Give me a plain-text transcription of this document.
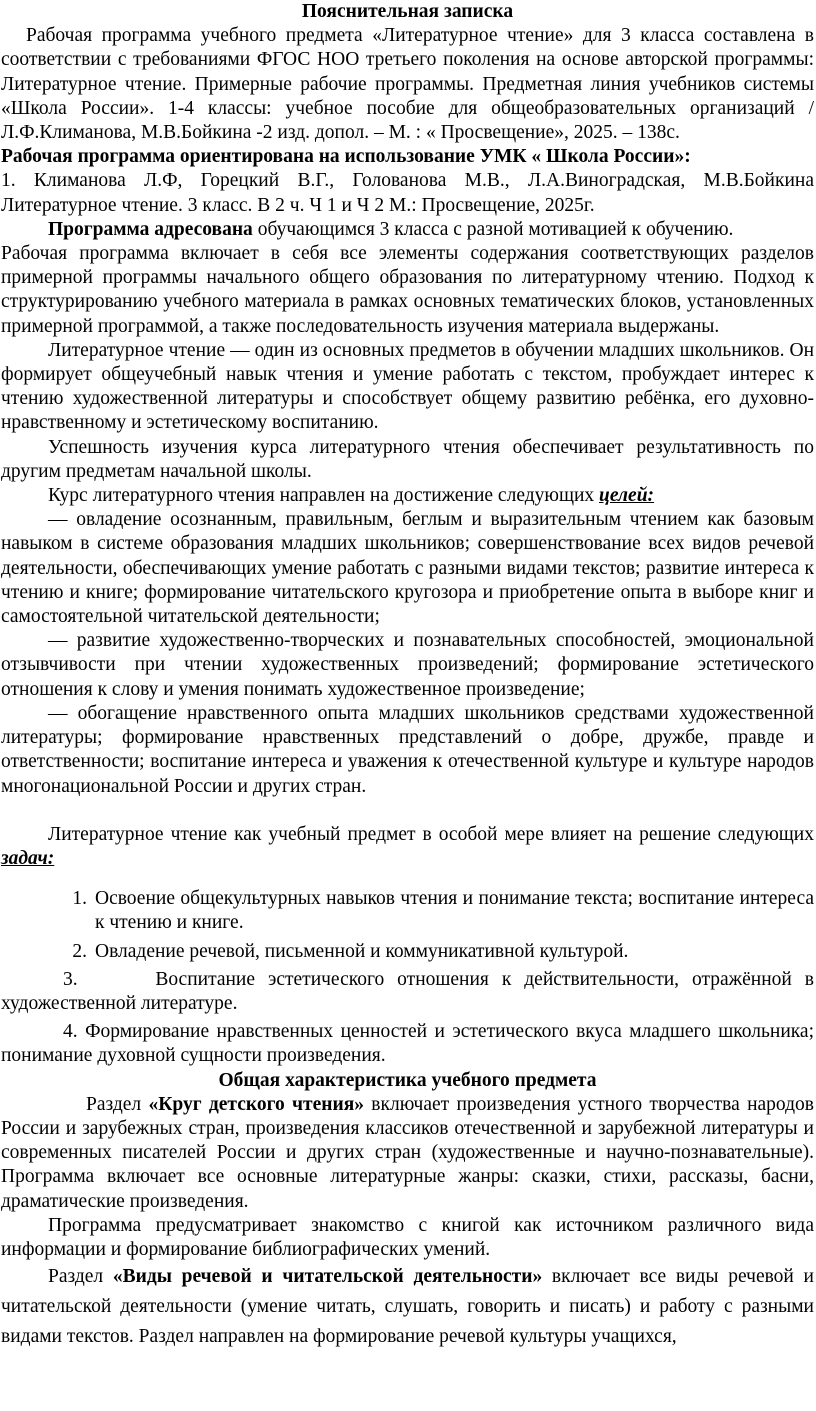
Пояснительная записка

Рабочая программа учебного предмета «Литературное чтение» для 3 класса составлена в соответствии с требованиями ФГОС НОО третьего поколения на основе авторской программы: Литературное чтение. Примерные рабочие программы. Предметная линия учебников системы «Школа России». 1-4 классы: учебное пособие для общеобразовательных организаций / Л.Ф.Климанова, М.В.Бойкина -2 изд. допол. – М. : « Просвещение», 2025. – 138с.

Рабочая программа ориентирована на использование УМК « Школа России»:

1. Климанова Л.Ф, Горецкий В.Г., Голованова М.В., Л.А.Виноградская, М.В.Бойкина Литературное чтение. 3 класс. В 2 ч. Ч 1 и Ч 2 М.: Просвещение, 2025г.

Программа адресована обучающимся 3 класса с разной мотивацией к обучению.

Рабочая программа включает в себя все элементы содержания соответствующих разделов примерной программы начального общего образования по литературному чтению. Подход к структурированию учебного материала в рамках основных тематических блоков, установленных примерной программой, а также последовательность изучения материала выдержаны.

Литературное чтение — один из основных предметов в обучении младших школьников. Он формирует общеучебный навык чтения и умение работать с текстом, пробуждает интерес к чтению художественной литературы и способствует общему развитию ребёнка, его духовно-нравственному и эстетическому воспитанию.

Успешность изучения курса литературного чтения обеспечивает результативность по другим предметам начальной школы.

Курс литературного чтения направлен на достижение следующих целей:

— овладение осознанным, правильным, беглым и выразительным чтением как базовым навыком в системе образования младших школьников; совершенствование всех видов речевой деятельности, обеспечивающих умение работать с разными видами текстов; развитие интереса к чтению и книге; формирование читательского кругозора и приобретение опыта в выборе книг и самостоятельной читательской деятельности;

— развитие художественно-творческих и познавательных способностей, эмоциональной отзывчивости при чтении художественных произведений; формирование эстетического отношения к слову и умения понимать художественное произведение;

— обогащение нравственного опыта младших школьников средствами художественной литературы; формирование нравственных представлений о добре, дружбе, правде и ответственности; воспитание интереса и уважения к отечественной культуре и культуре народов многонациональной России и других стран.

Литературное чтение как учебный предмет в особой мере влияет на решение следующих задач:

1. Освоение общекультурных навыков чтения и понимание текста; воспитание интереса к чтению и книге.
2. Овладение речевой, письменной и коммуникативной культурой.
3.	Воспитание эстетического отношения к действительности, отражённой в художественной литературе.
4. Формирование нравственных ценностей и эстетического вкуса младшего школьника; понимание духовной сущности произведения.

Общая характеристика учебного предмета

Раздел «Круг детского чтения» включает произведения устного творчества народов России и зарубежных стран, произведения классиков отечественной и зарубежной литературы и современных писателей России и других стран (художественные и научно-познавательные). Программа включает все основные литературные жанры: сказки, стихи, рассказы, басни, драматические произведения.

Программа предусматривает знакомство с книгой как источником различного вида информации и формирование библиографических умений.

Раздел «Виды речевой и читательской деятельности» включает все виды речевой и читательской деятельности (умение читать, слушать, говорить и писать) и работу с разными видами текстов. Раздел направлен на формирование речевой культуры учащихся,
